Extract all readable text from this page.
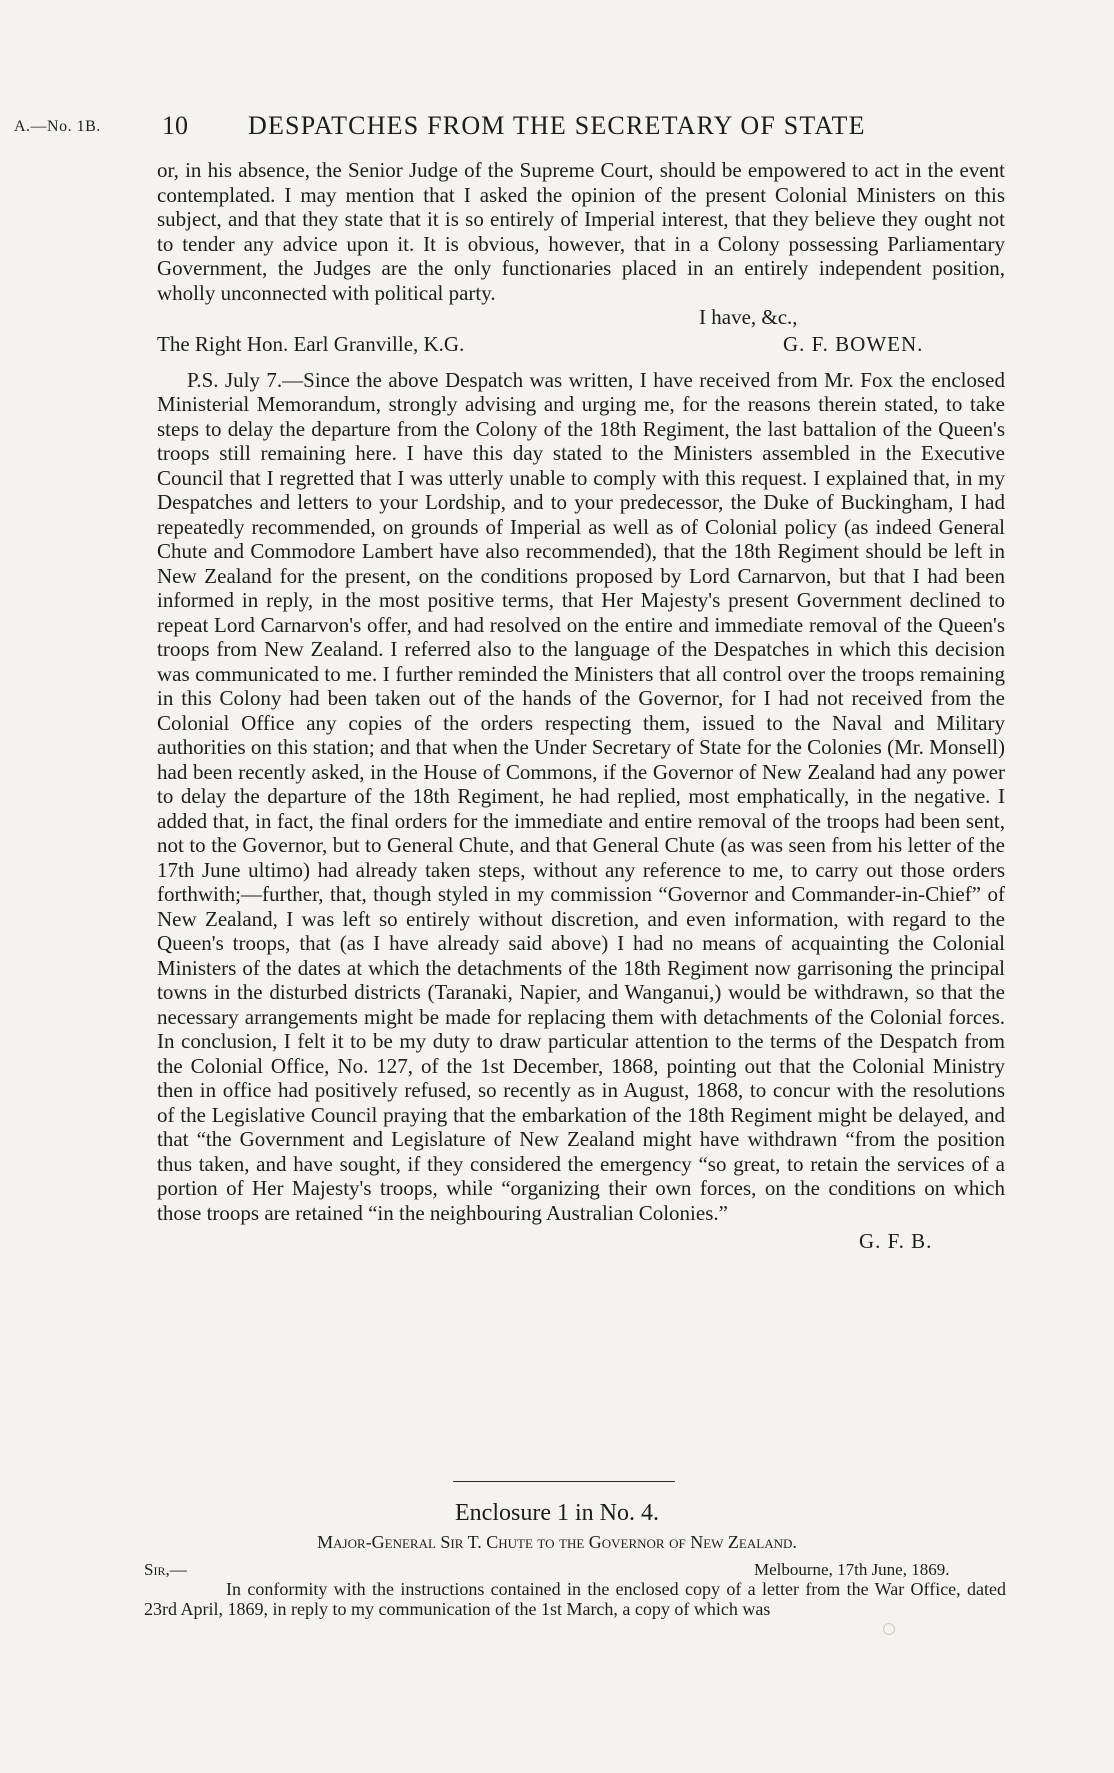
A.—No. 1B. 10 DESPATCHES FROM THE SECRETARY OF STATE

or, in his absence, the Senior Judge of the Supreme Court, should be empowered to act in the event contemplated. I may mention that I asked the opinion of the present Colonial Ministers on this subject, and that they state that it is so entirely of Imperial interest, that they believe they ought not to tender any advice upon it. It is obvious, however, that in a Colony possessing Parliamentary Government, the Judges are the only functionaries placed in an entirely independent position, wholly unconnected with political party.

I have, &c.,
The Right Hon. Earl Granville, K.G.	G. F. BOWEN.

P.S. July 7.—Since the above Despatch was written, I have received from Mr. Fox the enclosed Ministerial Memorandum, strongly advising and urging me, for the reasons therein stated, to take steps to delay the departure from the Colony of the 18th Regiment, the last battalion of the Queen's troops still remaining here. I have this day stated to the Ministers assembled in the Executive Council that I regretted that I was utterly unable to comply with this request. I explained that, in my Despatches and letters to your Lordship, and to your predecessor, the Duke of Buckingham, I had repeatedly recommended, on grounds of Imperial as well as of Colonial policy (as indeed General Chute and Commodore Lambert have also recommended), that the 18th Regiment should be left in New Zealand for the present, on the conditions proposed by Lord Carnarvon, but that I had been informed in reply, in the most positive terms, that Her Majesty's present Government declined to repeat Lord Carnarvon's offer, and had resolved on the entire and immediate removal of the Queen's troops from New Zealand. I referred also to the language of the Despatches in which this decision was communicated to me. I further reminded the Ministers that all control over the troops remaining in this Colony had been taken out of the hands of the Governor, for I had not received from the Colonial Office any copies of the orders respecting them, issued to the Naval and Military authorities on this station; and that when the Under Secretary of State for the Colonies (Mr. Monsell) had been recently asked, in the House of Commons, if the Governor of New Zealand had any power to delay the departure of the 18th Regiment, he had replied, most emphatically, in the negative. I added that, in fact, the final orders for the immediate and entire removal of the troops had been sent, not to the Governor, but to General Chute, and that General Chute (as was seen from his letter of the 17th June ultimo) had already taken steps, without any reference to me, to carry out those orders forthwith;—further, that, though styled in my commission “Governor and Commander-in-Chief” of New Zealand, I was left so entirely without discretion, and even information, with regard to the Queen's troops, that (as I have already said above) I had no means of acquainting the Colonial Ministers of the dates at which the detachments of the 18th Regiment now garrisoning the principal towns in the disturbed districts (Taranaki, Napier, and Wanganui,) would be withdrawn, so that the necessary arrangements might be made for replacing them with detachments of the Colonial forces. In conclusion, I felt it to be my duty to draw particular attention to the terms of the Despatch from the Colonial Office, No. 127, of the 1st December, 1868, pointing out that the Colonial Ministry then in office had positively refused, so recently as in August, 1868, to concur with the resolutions of the Legislative Council praying that the embarkation of the 18th Regiment might be delayed, and that “the Government and Legislature of New Zealand might have withdrawn “from the position thus taken, and have sought, if they considered the emergency “so great, to retain the services of a portion of Her Majesty's troops, while “organizing their own forces, on the conditions on which those troops are retained “in the neighbouring Australian Colonies.”

G. F. B.
Enclosure 1 in No. 4.
Major-General Sir T. Chute to the Governor of New Zealand.
Sir,—	Melbourne, 17th June, 1869.

In conformity with the instructions contained in the enclosed copy of a letter from the War Office, dated 23rd April, 1869, in reply to my communication of the 1st March, a copy of which was
